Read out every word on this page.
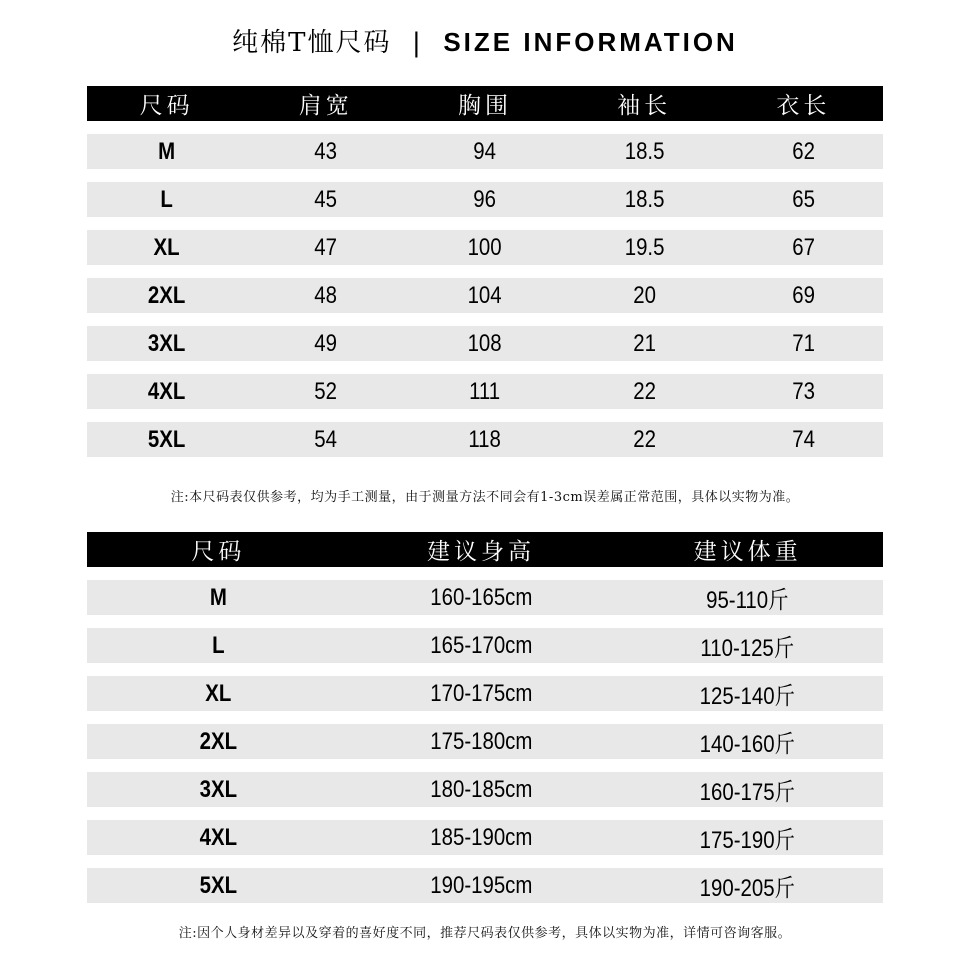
纯棉T恤尺码 | SIZE INFORMATION
尺码	肩宽	胸围	袖长	衣长
M	43	94	18.5	62
L	45	96	18.5	65
XL	47	100	19.5	67
2XL	48	104	20	69
3XL	49	108	21	71
4XL	52	111	22	73
5XL	54	118	22	74
注:本尺码表仅供参考，均为手工测量，由于测量方法不同会有1-3cm误差属正常范围，具体以实物为准。
尺码	建议身高	建议体重
M	160-165cm	95-110斤
L	165-170cm	110-125斤
XL	170-175cm	125-140斤
2XL	175-180cm	140-160斤
3XL	180-185cm	160-175斤
4XL	185-190cm	175-190斤
5XL	190-195cm	190-205斤
注:因个人身材差异以及穿着的喜好度不同，推荐尺码表仅供参考，具体以实物为准，详情可咨询客服。
